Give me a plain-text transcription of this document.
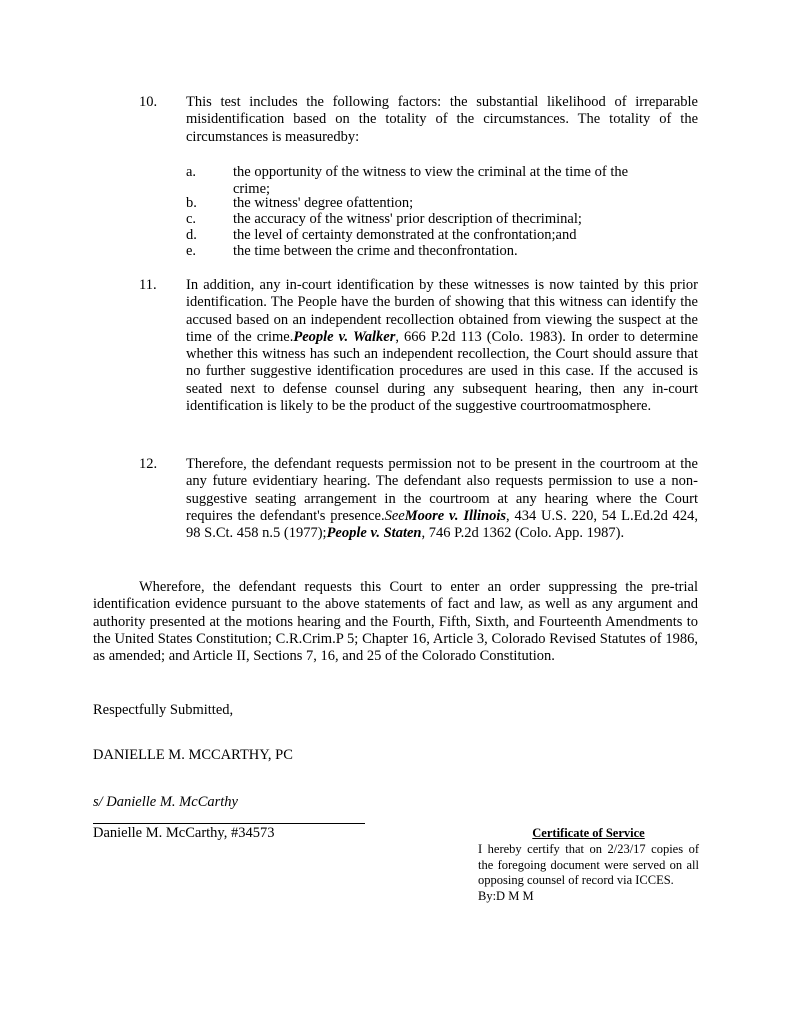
10. This test includes the following factors: the substantial likelihood of irreparable misidentification based on the totality of the circumstances. The totality of the circumstances is measuredby:
a.	the opportunity of the witness to view the criminal at the time of the crime;
b. the witness' degree ofattention;
c.	the accuracy of the witness' prior description of thecriminal;
d. the level of certainty demonstrated at the confrontation;and
e.	the time between the crime and theconfrontation.
11. In addition, any in-court identification by these witnesses is now tainted by this prior identification. The People have the burden of showing that this witness can identify the accused based on an independent recollection obtained from viewing the suspect at the time of the crime.People v. Walker, 666 P.2d 113 (Colo. 1983). In order to determine whether this witness has such an independent recollection, the Court should assure that no further suggestive identification procedures are used in this case. If the accused is seated next to defense counsel during any subsequent hearing, then any in-court identification is likely to be the product of the suggestive courtroomatmosphere.
12. Therefore, the defendant requests permission not to be present in the courtroom at the any future evidentiary hearing. The defendant also requests permission to use a non-suggestive seating arrangement in the courtroom at any hearing where the Court requires the defendant's presence.SeeMoore v. Illinois, 434 U.S. 220, 54 L.Ed.2d 424, 98 S.Ct. 458 n.5 (1977);People v. Staten, 746 P.2d 1362 (Colo. App. 1987).
Wherefore, the defendant requests this Court to enter an order suppressing the pre-trial identification evidence pursuant to the above statements of fact and law, as well as any argument and authority presented at the motions hearing and the Fourth, Fifth, Sixth, and Fourteenth Amendments to the United States Constitution; C.R.Crim.P 5; Chapter 16, Article 3, Colorado Revised Statutes of 1986, as amended; and Article II, Sections 7, 16, and 25 of the Colorado Constitution.
Respectfully Submitted,
DANIELLE M. MCCARTHY, PC
s/ Danielle M. McCarthy
Danielle M. McCarthy, #34573	Certificate of Service
I hereby certify that on 2/23/17 copies of the foregoing document were served on all opposing counsel of record via ICCES.
By:D M M
